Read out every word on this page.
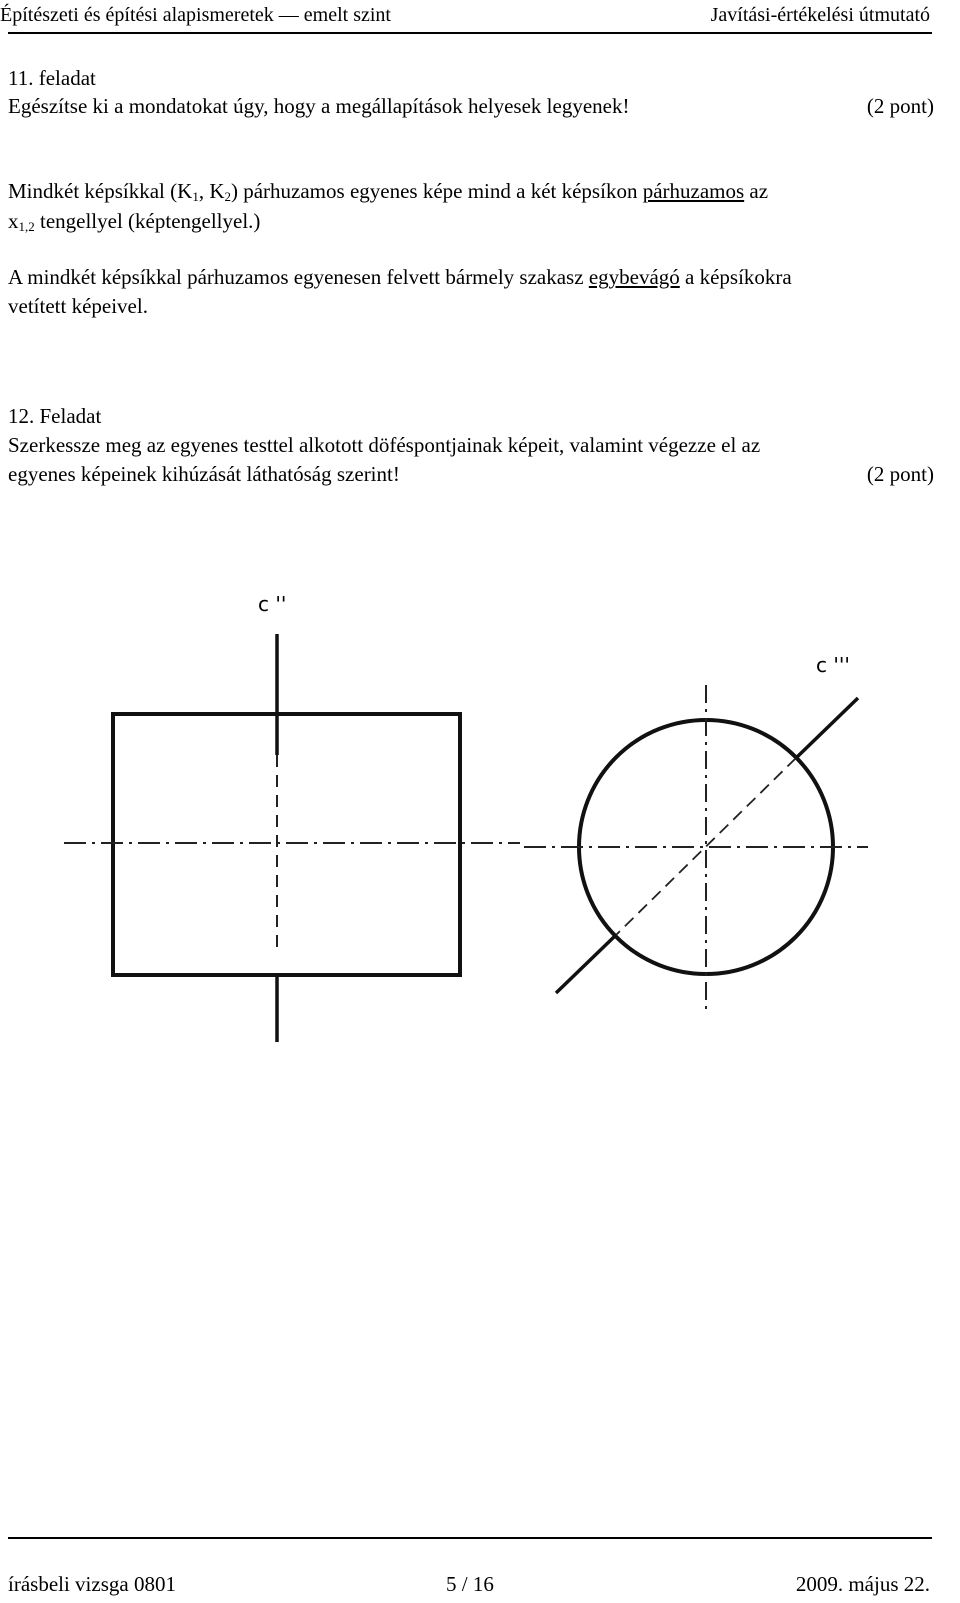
Építészeti és építési alapismeretek — emelt szint	Javítási-értékelési útmutató
11. feladat
Egészítse ki a mondatokat úgy, hogy a megállapítások helyesek legyenek!	(2 pont)
Mindkét képsíkkal ($K_1$, $K_2$) párhuzamos egyenes képe mind a két képsíkon párhuzamos az
$x_{1,2}$ tengellyel (képtengellyel.)
A mindkét képsíkkal párhuzamos egyenesen felvett bármely szakasz egybevágó a képsíkokra
vetített képeivel.
12. Feladat
Szerkessze meg az egyenes testtel alkotott döféspontjainak képeit, valamint végezze el az
egyenes képeinek kihúzását láthatóság szerint!	(2 pont)
c ''
c '''
írásbeli vizsga 0801	5 / 16	2009. május 22.
